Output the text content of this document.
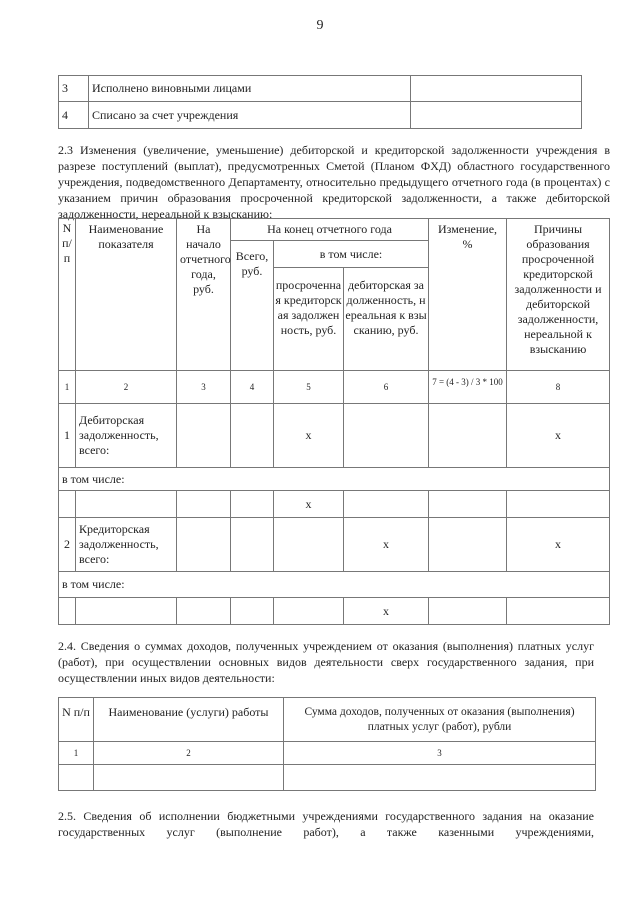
9
3	Исполнено виновными лицами	
4	Списано за счет учреждения	
2.3 Изменения (увеличение, уменьшение) дебиторской и кредиторской задолженности учреждения в разрезе поступлений (выплат), предусмотренных Сметой (Планом ФХД) областного государственного учреждения, подведомственного Департаменту, относительно предыдущего отчетного года (в процентах) с указанием причин образования просроченной кредиторской задолженности, а также дебиторской задолженности, нереальной к взысканию:
N п/п	Наименование показателя	На начало отчетного года, руб.	На конец отчетного года			Изменение, %	Причины образования просроченной кредиторской задолженности и дебиторской задолженности, нереальной к взысканию
			Всего, руб.	в том числе:			
				просроченная кредиторская задолженность, руб.	дебиторская задолженность, нереальная к взысканию, руб.		
1	2	3	4	5	6	7 = (4 - 3) / 3 * 100	8
1	Дебиторская задолженность, всего:			x			x
в том числе:							
				x			
2	Кредиторская задолженность, всего:				x		x
в том числе:							
					x		
2.4. Сведения о суммах доходов, полученных учреждением от оказания (выполнения) платных услуг (работ), при осуществлении основных видов деятельности сверх государственного задания, при осуществлении иных видов деятельности:
N п/п	Наименование (услуги) работы	Сумма доходов, полученных от оказания (выполнения) платных услуг (работ), рубли
1	2	3

2.5. Сведения об исполнении бюджетными учреждениями государственного задания на оказание государственных услуг (выполнение работ), а также казенными учреждениями,
